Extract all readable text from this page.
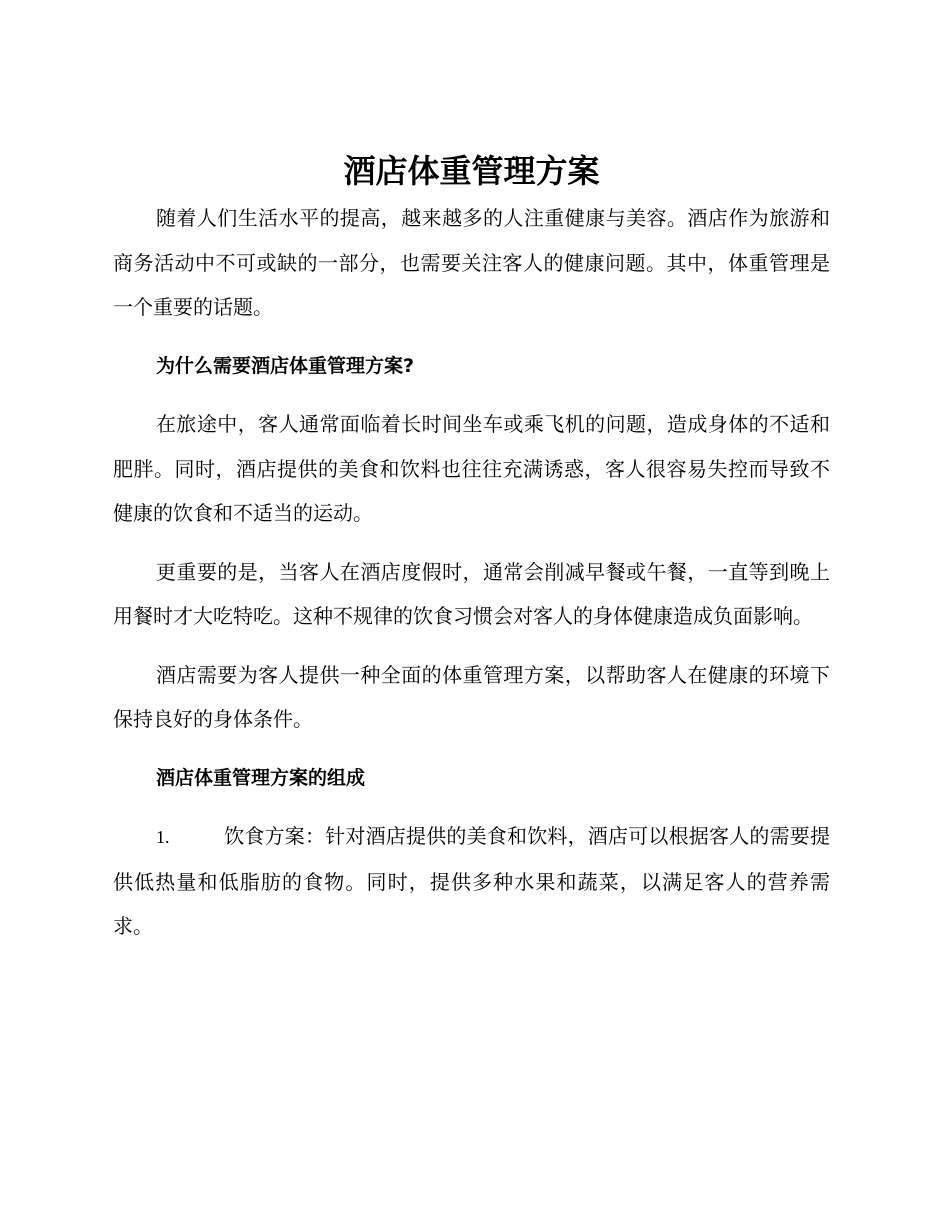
酒店体重管理方案

随着人们生活水平的提高，越来越多的人注重健康与美容。酒店作为旅游和商务活动中不可或缺的一部分，也需要关注客人的健康问题。其中，体重管理是一个重要的话题。

为什么需要酒店体重管理方案?

在旅途中，客人通常面临着长时间坐车或乘飞机的问题，造成身体的不适和肥胖。同时，酒店提供的美食和饮料也往往充满诱惑，客人很容易失控而导致不健康的饮食和不适当的运动。

更重要的是，当客人在酒店度假时，通常会削减早餐或午餐，一直等到晚上用餐时才大吃特吃。这种不规律的饮食习惯会对客人的身体健康造成负面影响。

酒店需要为客人提供一种全面的体重管理方案，以帮助客人在健康的环境下保持良好的身体条件。

酒店体重管理方案的组成

1.	饮食方案：针对酒店提供的美食和饮料，酒店可以根据客人的需要提供低热量和低脂肪的食物。同时，提供多种水果和蔬菜，以满足客人的营养需求。
